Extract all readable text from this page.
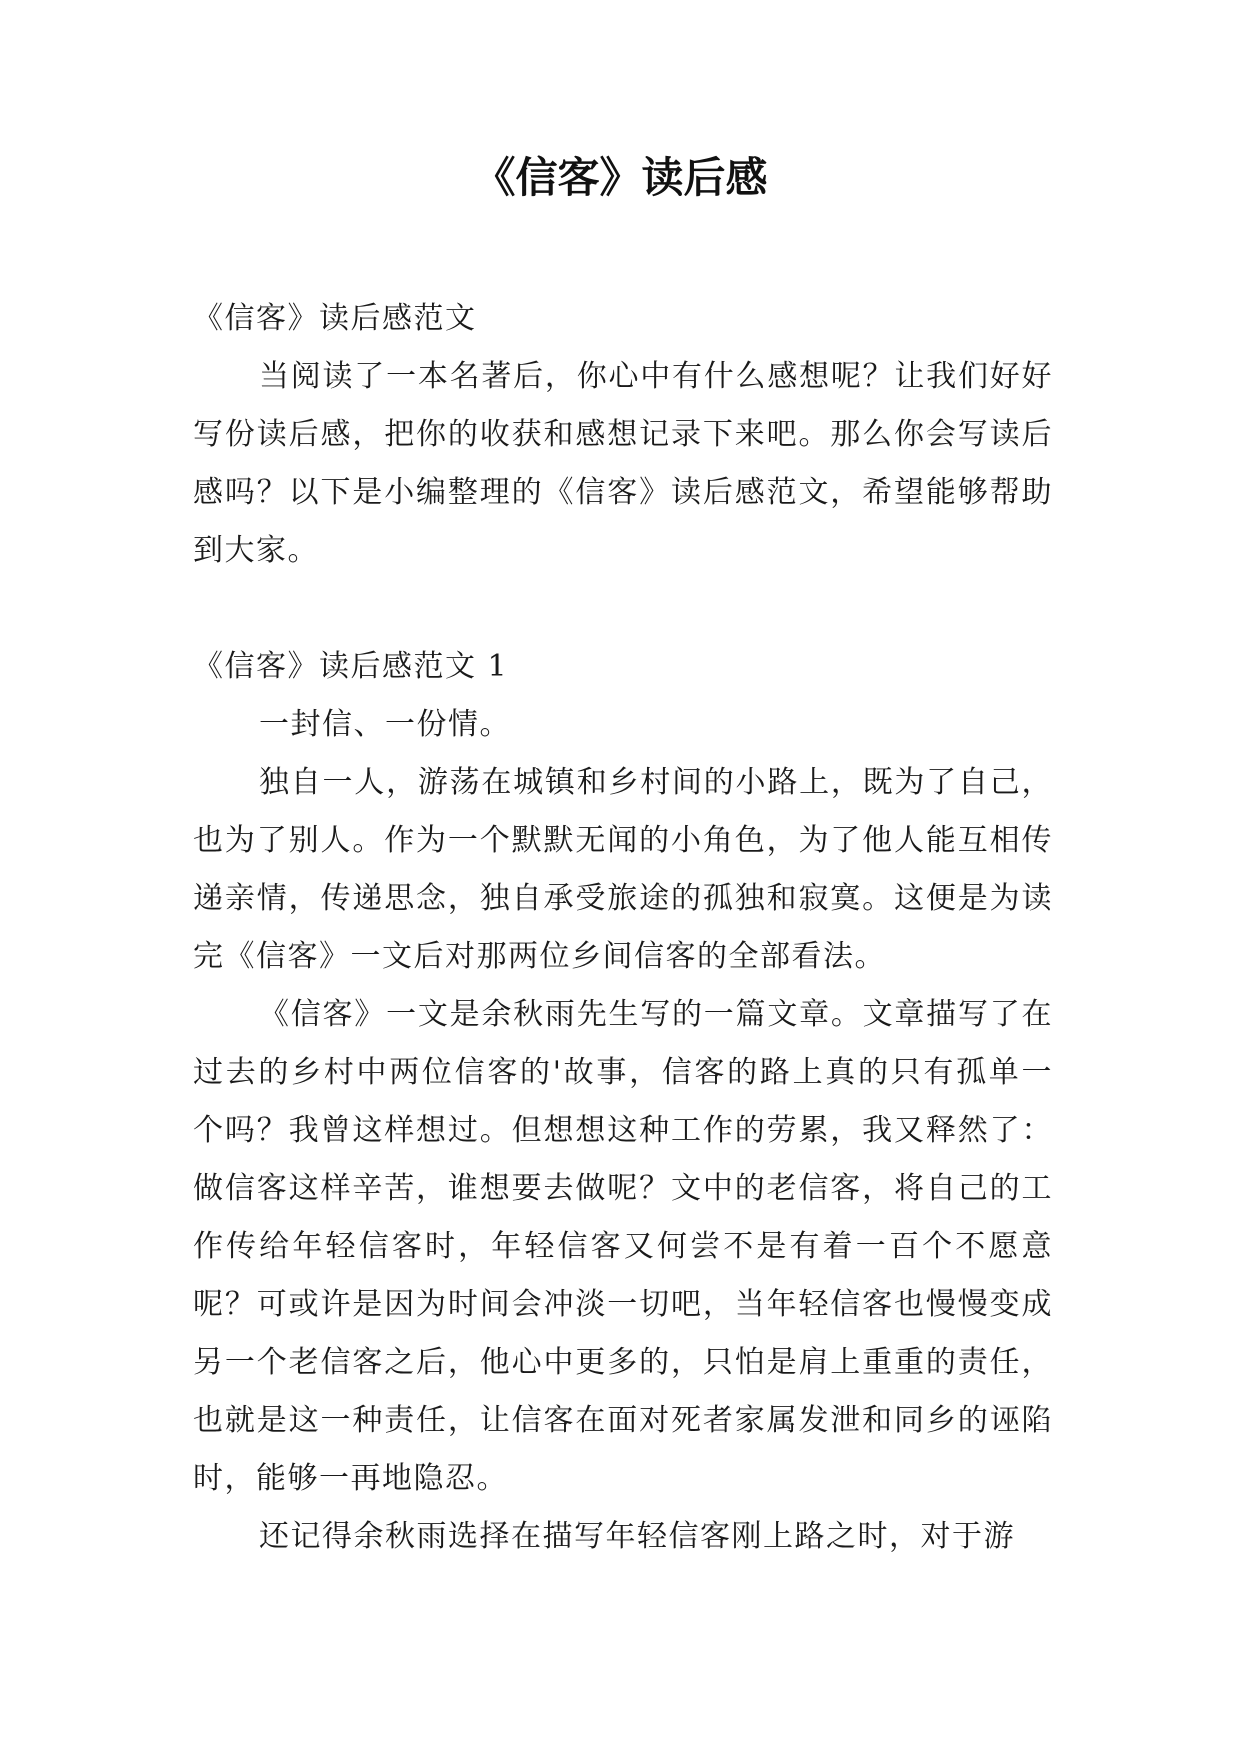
《信客》读后感

《信客》读后感范文

当阅读了一本名著后，你心中有什么感想呢？让我们好好写份读后感，把你的收获和感想记录下来吧。那么你会写读后感吗？以下是小编整理的《信客》读后感范文，希望能够帮助到大家。

《信客》读后感范文 1

一封信、一份情。

独自一人，游荡在城镇和乡村间的小路上，既为了自己，也为了别人。作为一个默默无闻的小角色，为了他人能互相传递亲情，传递思念，独自承受旅途的孤独和寂寞。这便是为读完《信客》一文后对那两位乡间信客的全部看法。

《信客》一文是余秋雨先生写的一篇文章。文章描写了在过去的乡村中两位信客的'故事，信客的路上真的只有孤单一个吗？我曾这样想过。但想想这种工作的劳累，我又释然了：做信客这样辛苦，谁想要去做呢？文中的老信客，将自己的工作传给年轻信客时，年轻信客又何尝不是有着一百个不愿意呢？可或许是因为时间会冲淡一切吧，当年轻信客也慢慢变成另一个老信客之后，他心中更多的，只怕是肩上重重的责任，也就是这一种责任，让信客在面对死者家属发泄和同乡的诬陷时，能够一再地隐忍。

还记得余秋雨选择在描写年轻信客刚上路之时，对于游
